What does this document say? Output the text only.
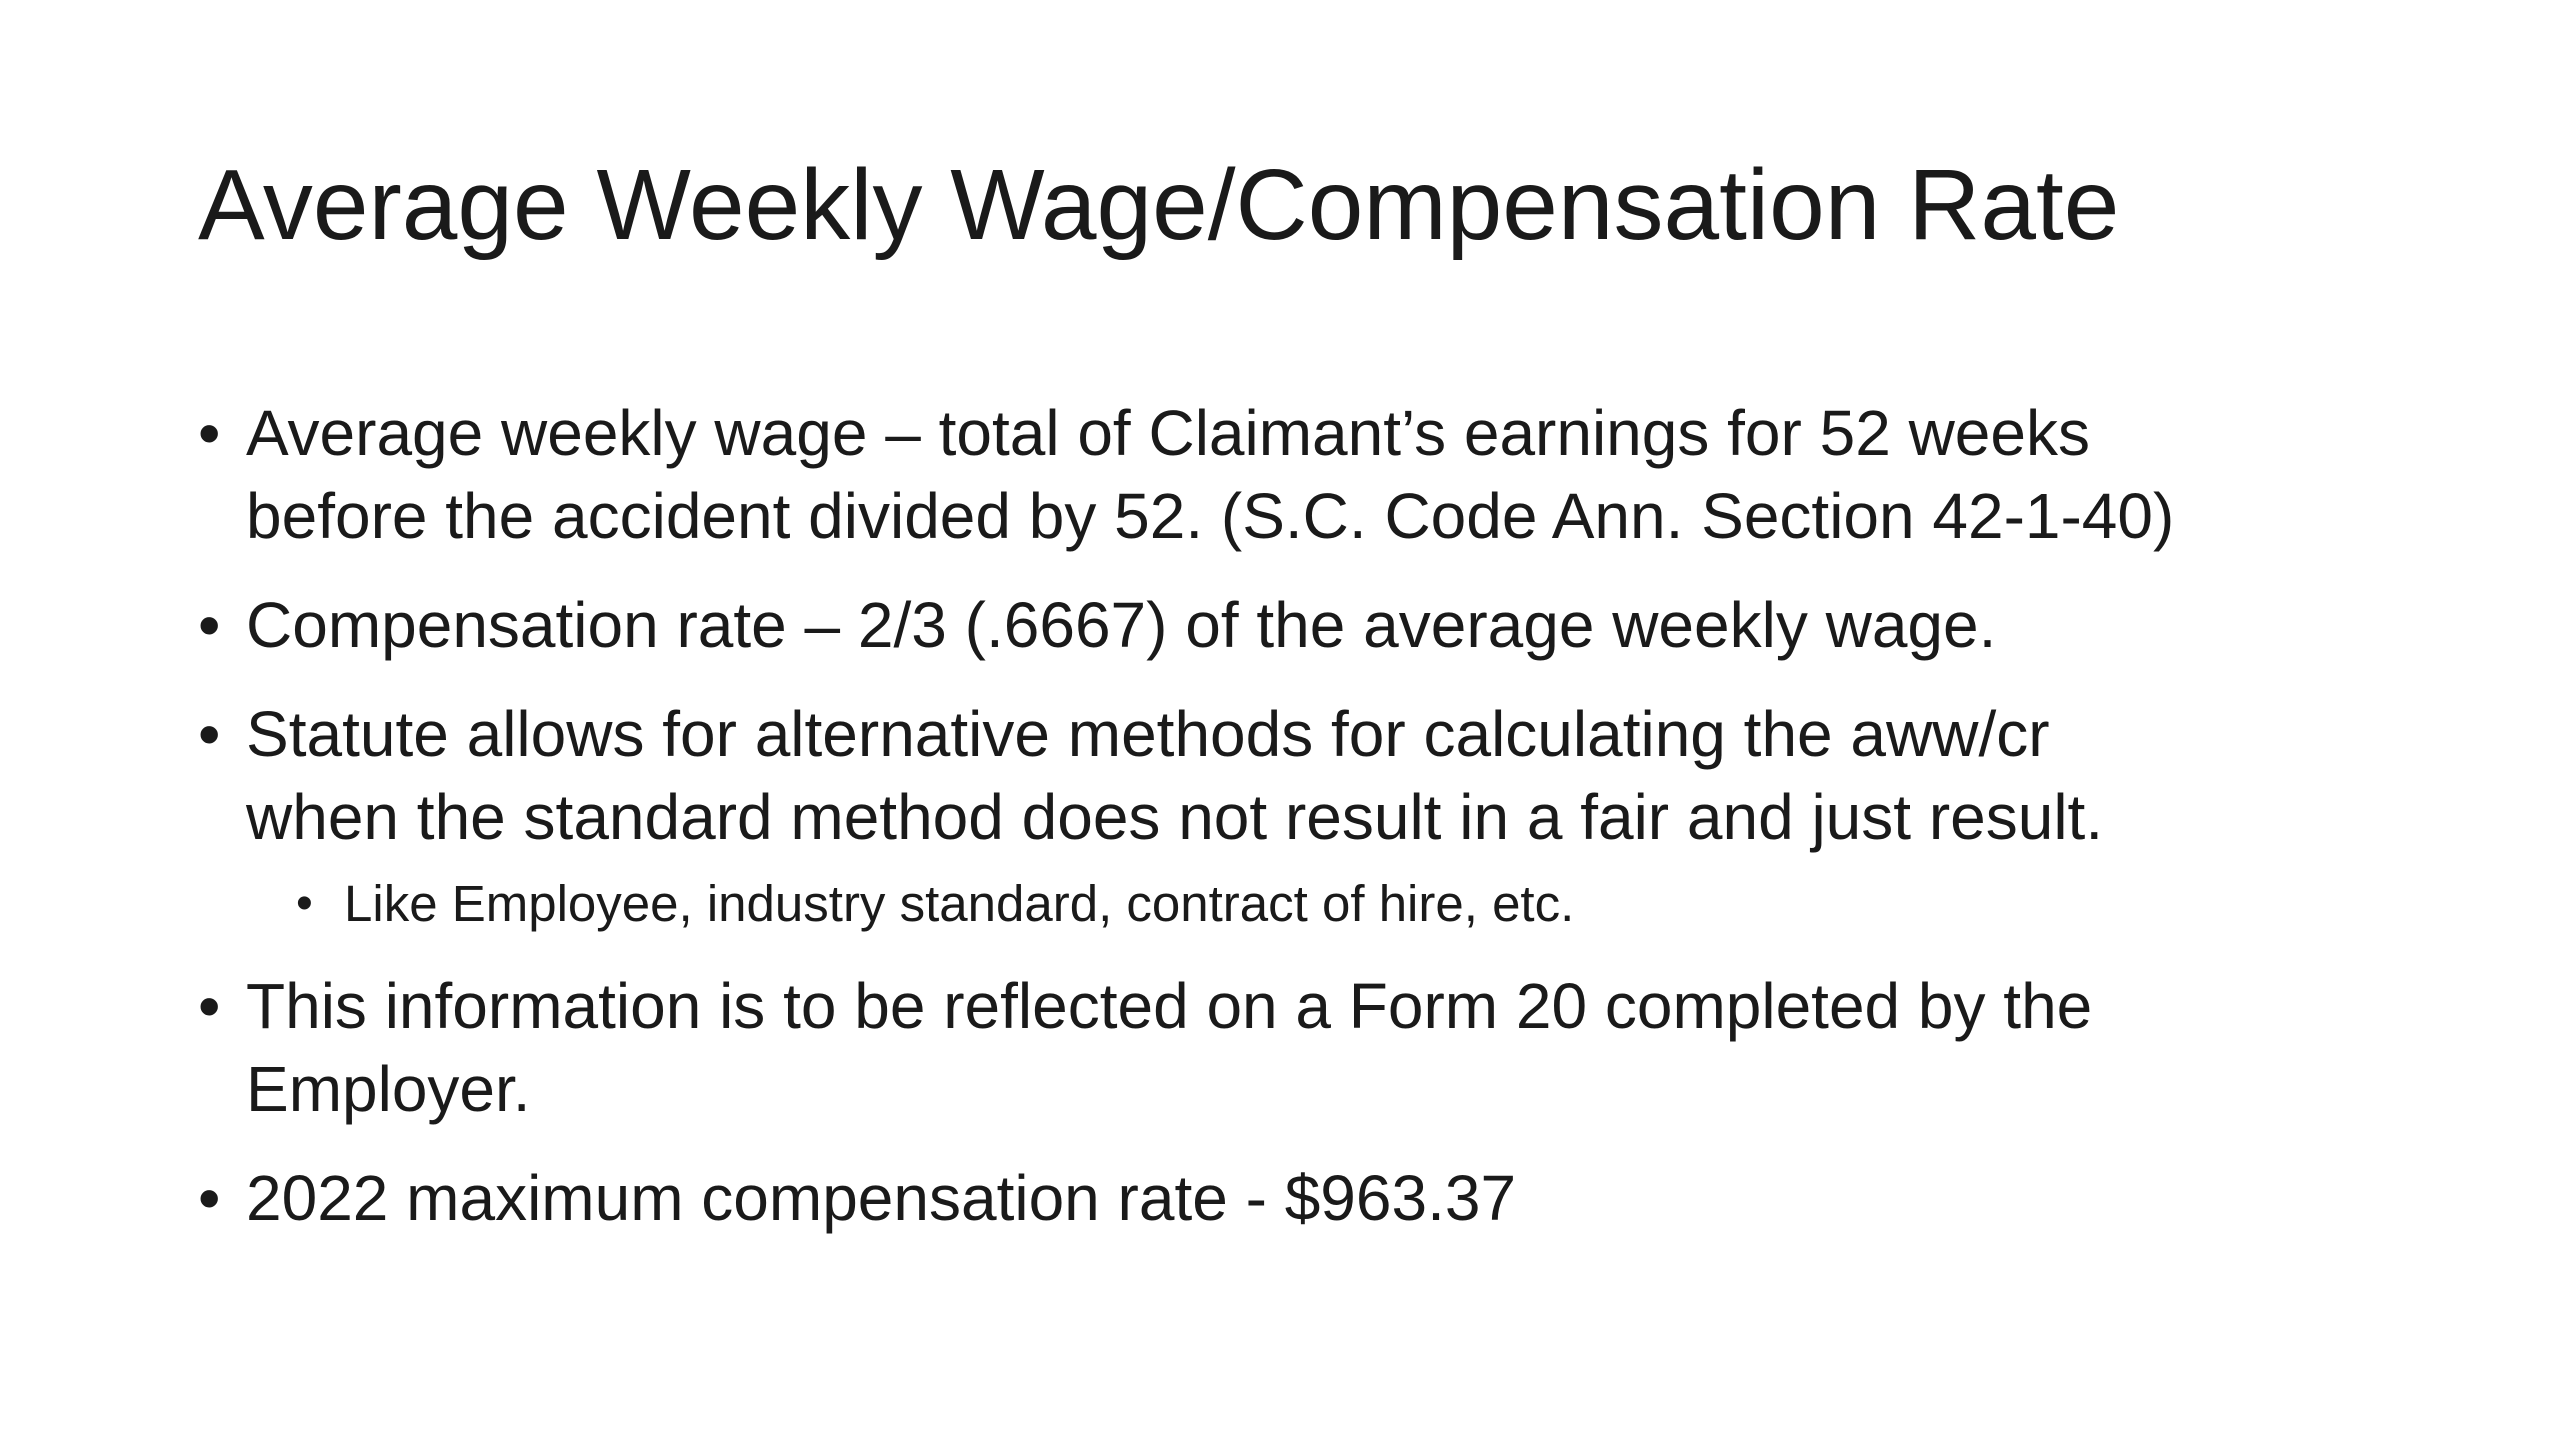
Average Weekly Wage/Compensation Rate
• Average weekly wage – total of Claimant’s earnings for 52 weeks
before the accident divided by 52. (S.C. Code Ann. Section 42-1-40)
• Compensation rate – 2/3 (.6667) of the average weekly wage.
• Statute allows for alternative methods for calculating the aww/cr
when the standard method does not result in a fair and just result.
• Like Employee, industry standard, contract of hire, etc.
• This information is to be reflected on a Form 20 completed by the
Employer.
• 2022 maximum compensation rate - $963.37
